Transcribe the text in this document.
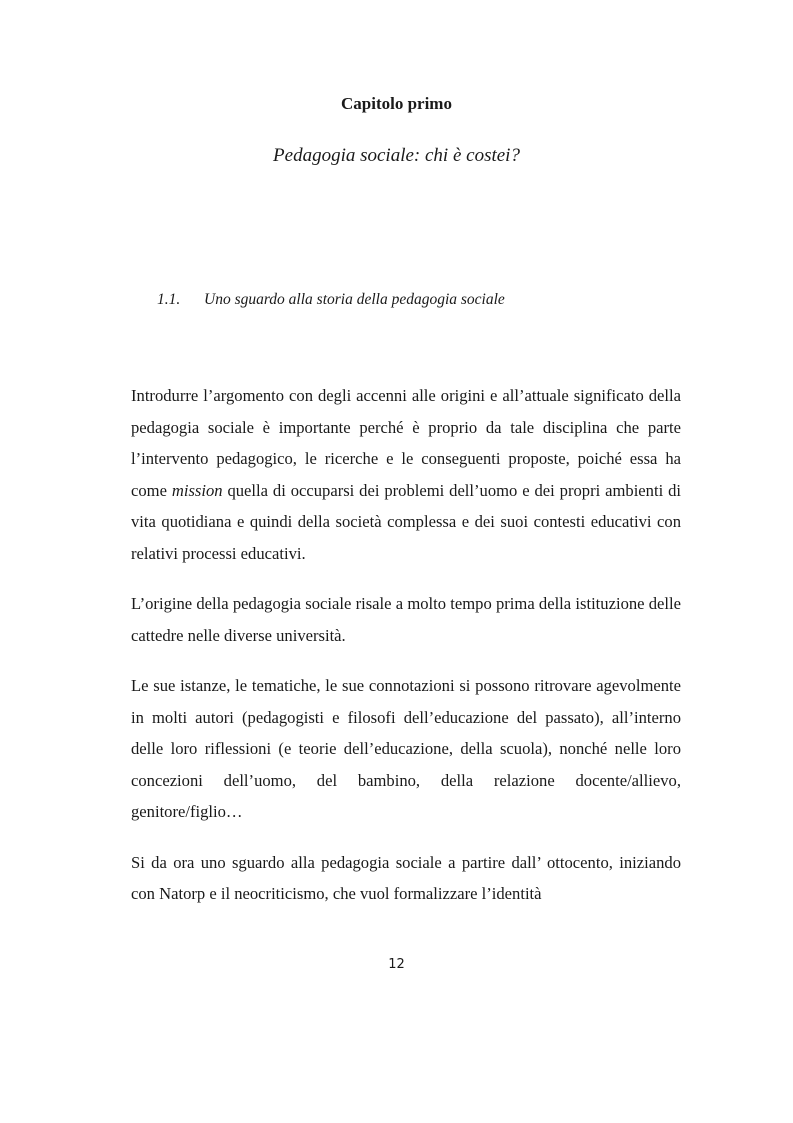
Capitolo primo
Pedagogia sociale: chi è costei?
1.1. Uno sguardo alla storia della pedagogia sociale

Introdurre l’argomento con degli accenni alle origini e all’attuale significato della pedagogia sociale è importante perché è proprio da tale disciplina che parte l’intervento pedagogico, le ricerche e le conseguenti proposte, poiché essa ha come mission quella di occuparsi dei problemi dell’uomo e dei propri ambienti di vita quotidiana e quindi della società complessa e dei suoi contesti educativi con relativi processi educativi.

L’origine della pedagogia sociale risale a molto tempo prima della istituzione delle cattedre nelle diverse università.

Le sue istanze, le tematiche, le sue connotazioni si possono ritrovare agevolmente in molti autori (pedagogisti e filosofi dell’educazione del passato), all’interno delle loro riflessioni (e teorie dell’educazione, della scuola), nonché nelle loro concezioni dell’uomo, del bambino, della relazione docente/allievo, genitore/figlio…

Si da ora uno sguardo alla pedagogia sociale a partire dall’ ottocento, iniziando con Natorp e il neocriticismo, che vuol formalizzare l’identità

12
